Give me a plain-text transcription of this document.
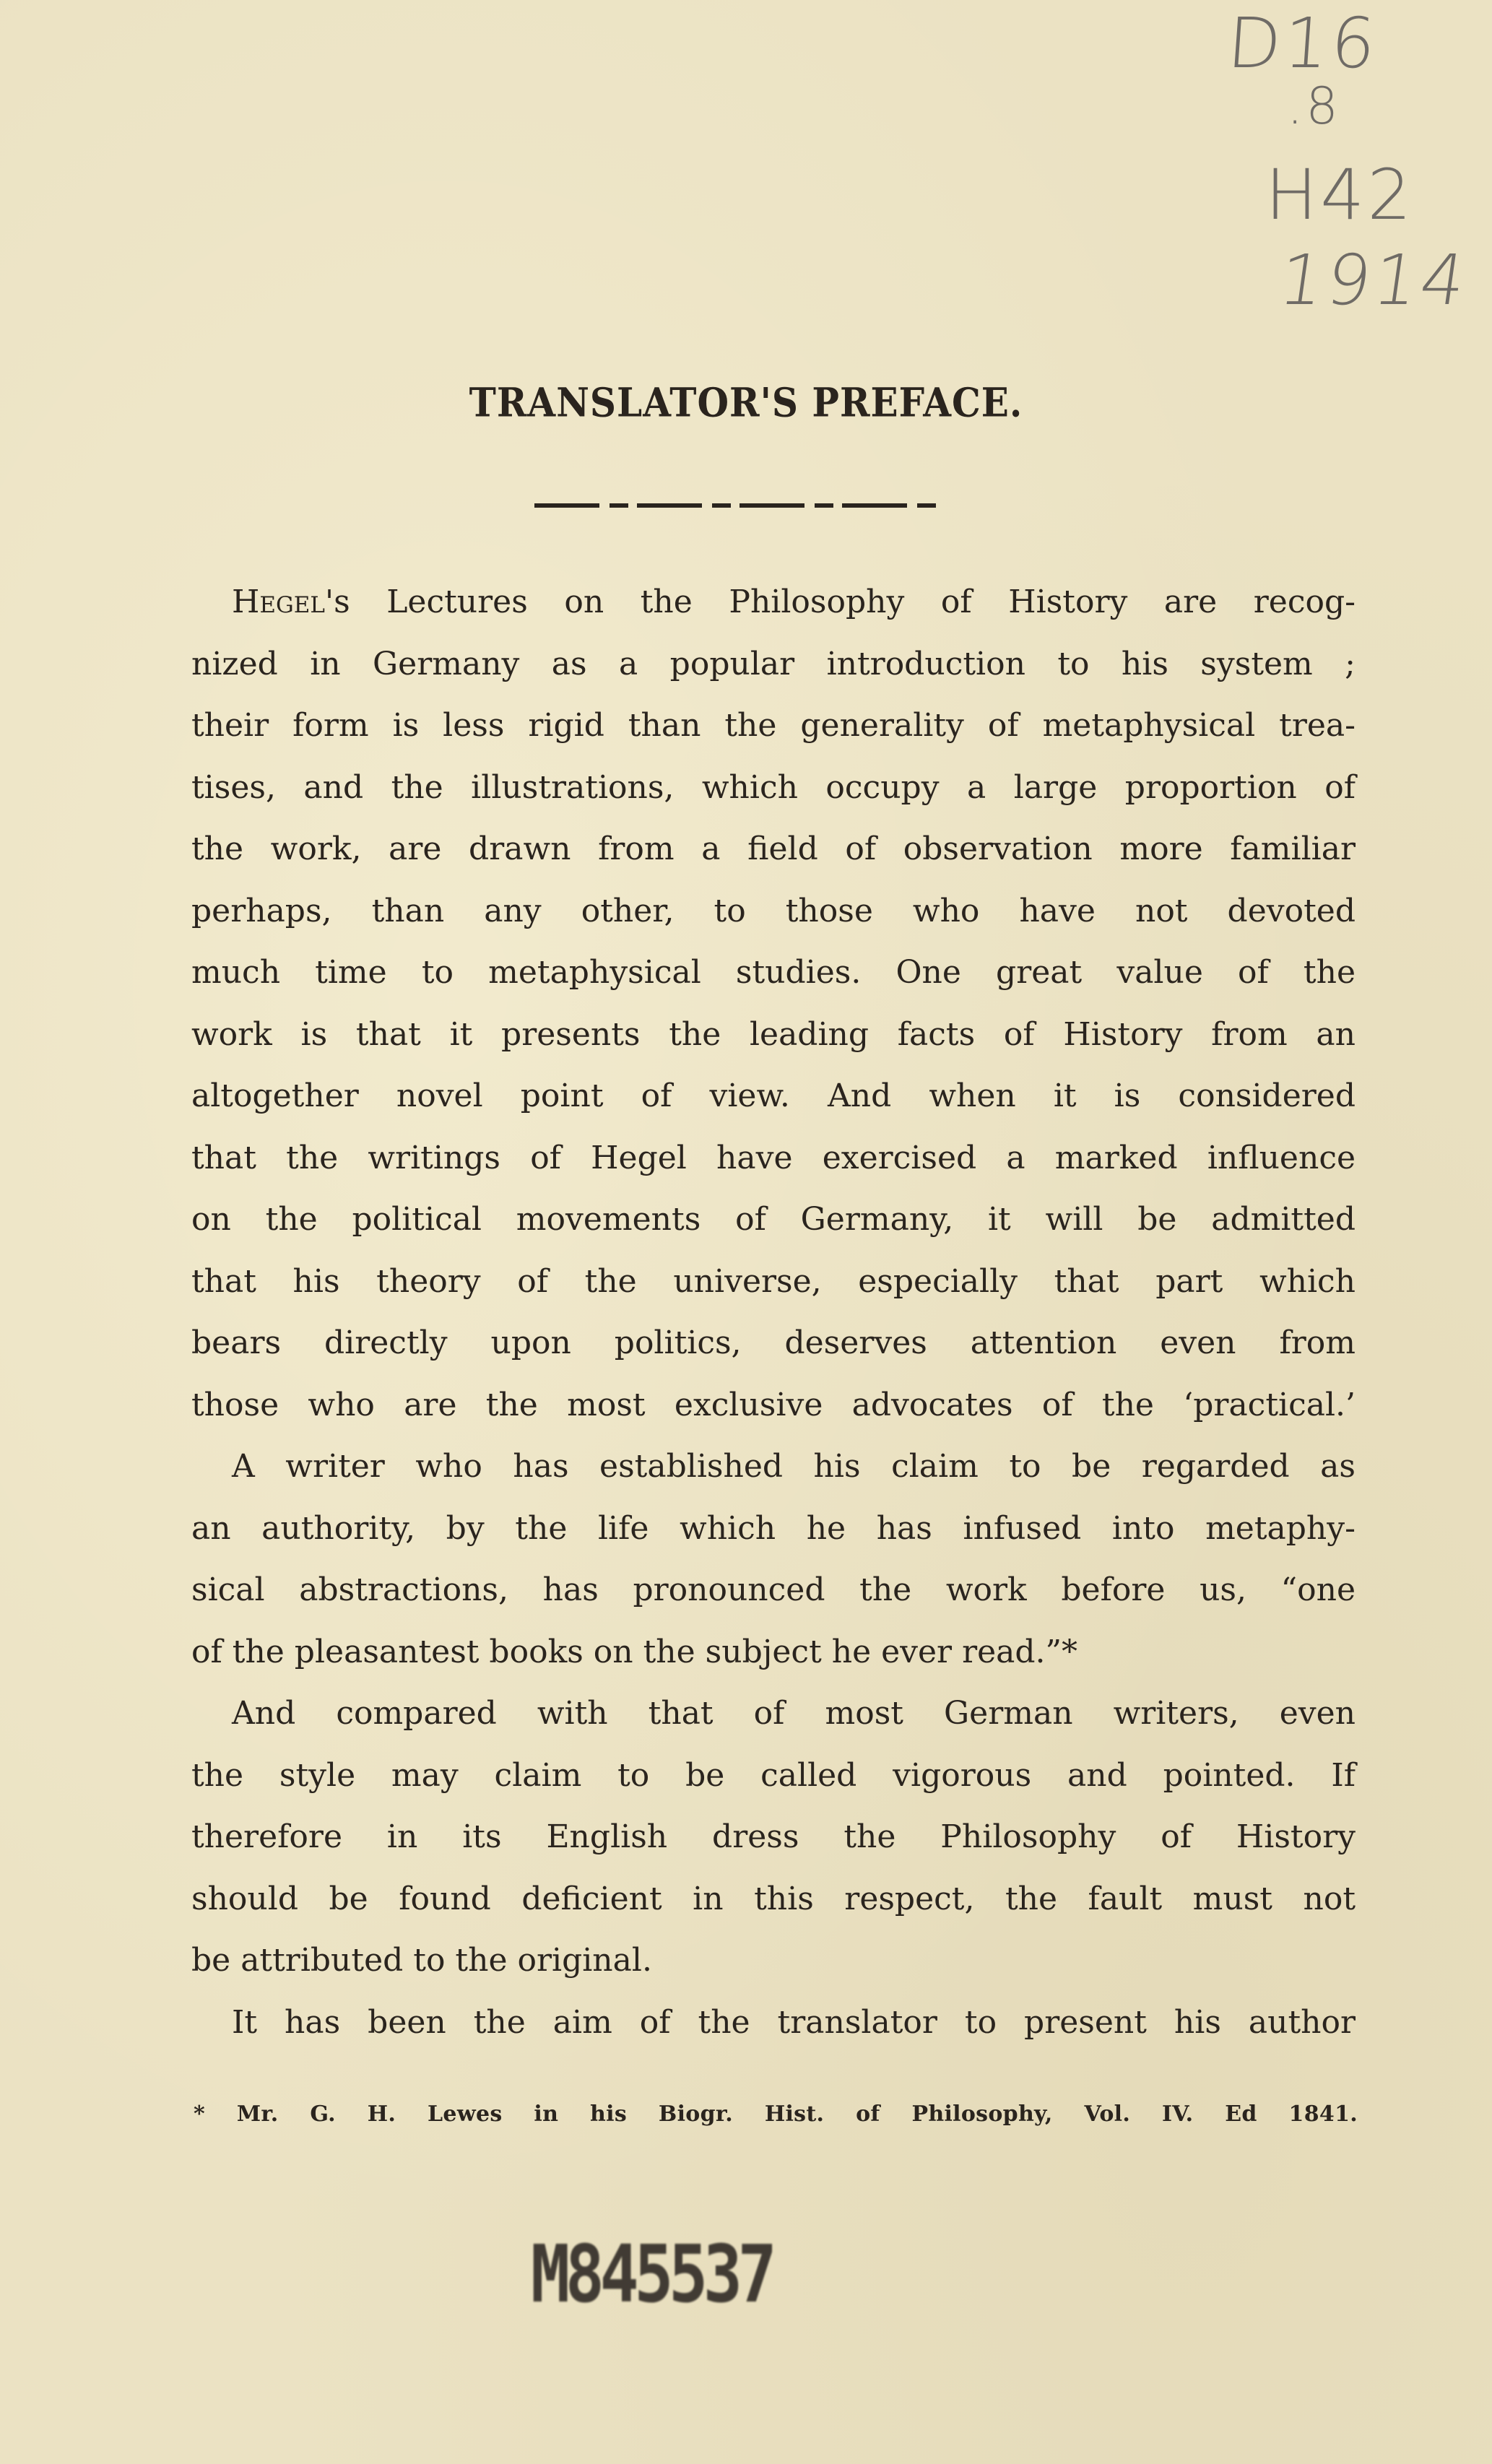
D16
.8
H42
1914
TRANSLATOR'S PREFACE.
Hegel's Lectures on the Philosophy of History are recog-
nized in Germany as a popular introduction to his system ;
their form is less rigid than the generality of metaphysical trea-
tises, and the illustrations, which occupy a large proportion of
the work, are drawn from a field of observation more familiar
perhaps, than any other, to those who have not devoted
much time to metaphysical studies. One great value of the
work is that it presents the leading facts of History from an
altogether novel point of view. And when it is considered
that the writings of Hegel have exercised a marked influence
on the political movements of Germany, it will be admitted
that his theory of the universe, especially that part which
bears directly upon politics, deserves attention even from
those who are the most exclusive advocates of the ‘practical.’
A writer who has established his claim to be regarded as
an authority, by the life which he has infused into metaphy-
sical abstractions, has pronounced the work before us, “one
of the pleasantest books on the subject he ever read.”*
And compared with that of most German writers, even
the style may claim to be called vigorous and pointed. If
therefore in its English dress the Philosophy of History
should be found deficient in this respect, the fault must not
be attributed to the original.
It has been the aim of the translator to present his author
* Mr. G. H. Lewes in his Biogr. Hist. of Philosophy, Vol. IV. Ed 1841.
M845537
